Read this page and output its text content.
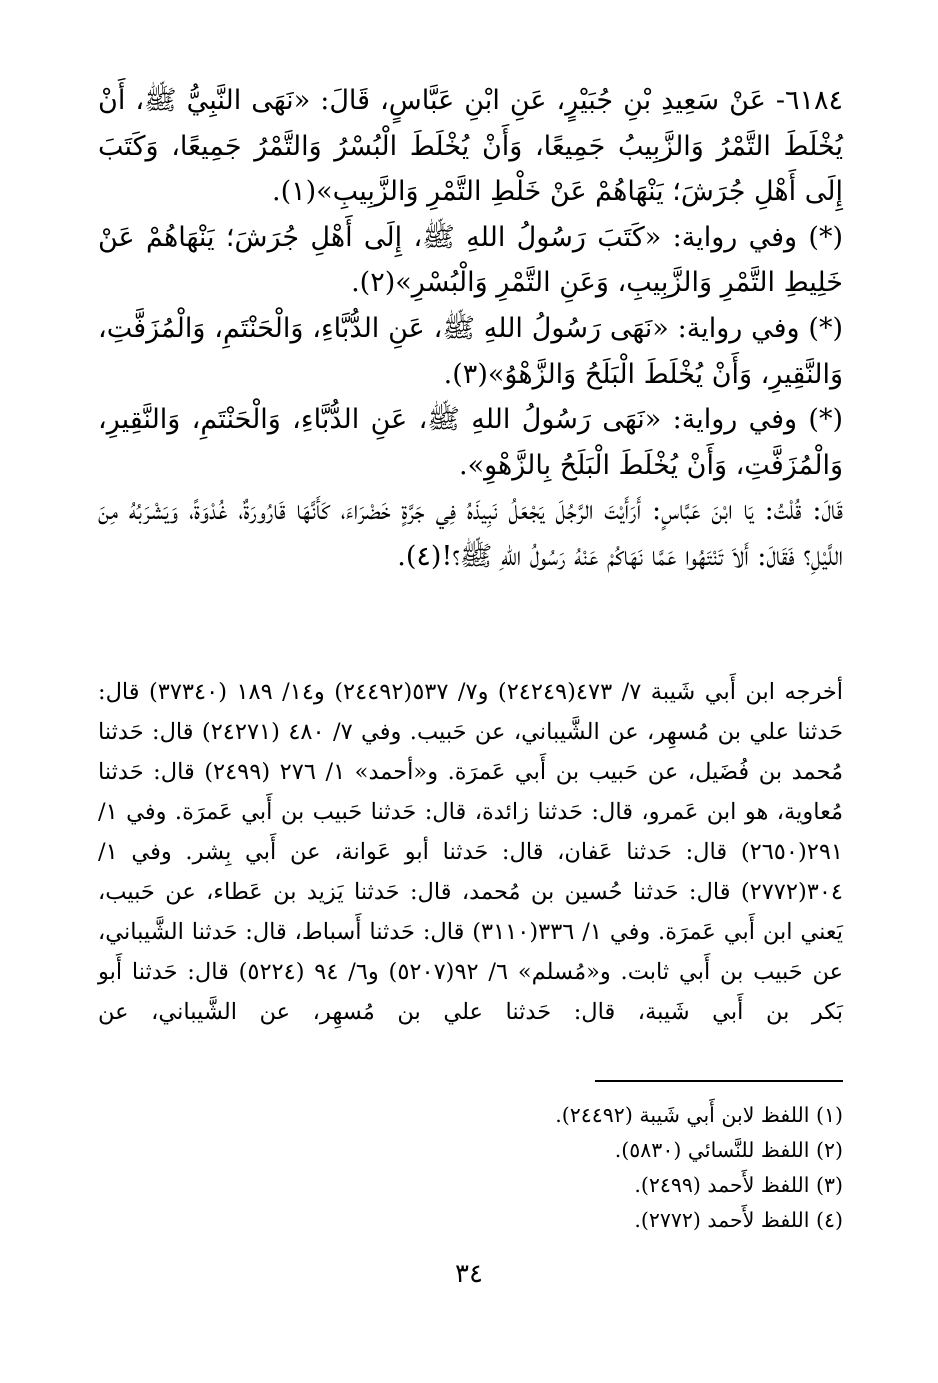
٦١٨٤- عَنْ سَعِيدِ بْنِ جُبَيْرٍ، عَنِ ابْنِ عَبَّاسٍ، قَالَ: «نَهَى النَّبِيُّ ﷺ، أَنْ يُخْلَطَ التَّمْرُ وَالزَّبِيبُ جَمِيعًا، وَأَنْ يُخْلَطَ الْبُسْرُ وَالتَّمْرُ جَمِيعًا، وَكَتَبَ إِلَى أَهْلِ جُرَشَ؛ يَنْهَاهُمْ عَنْ خَلْطِ التَّمْرِ وَالزَّبِيبِ»(١).

(*) وفي رواية: «كَتَبَ رَسُولُ اللهِ ﷺ، إِلَى أَهْلِ جُرَشَ؛ يَنْهَاهُمْ عَنْ خَلِيطِ التَّمْرِ وَالزَّبِيبِ، وَعَنِ التَّمْرِ وَالْبُسْرِ»(٢).

(*) وفي رواية: «نَهَى رَسُولُ اللهِ ﷺ، عَنِ الدُّبَّاءِ، وَالْحَنْتَمِ، وَالْمُزَفَّتِ، وَالنَّقِيرِ، وَأَنْ يُخْلَطَ الْبَلَحُ وَالزَّهْوُ»(٣).

(*) وفي رواية: «نَهَى رَسُولُ اللهِ ﷺ، عَنِ الدُّبَّاءِ، وَالْحَنْتَمِ، وَالنَّقِيرِ، وَالْمُزَفَّتِ، وَأَنْ يُخْلَطَ الْبَلَحُ بِالزَّهْوِ».

قَالَ: قُلْتُ: يَا ابْنَ عَبَّاسٍ: أَرَأَيْتَ الرَّجُلَ يَجْعَلُ نَبِيذَهُ فِي جَرَّةٍ خَضْرَاءَ، كَأَنَّهَا قَارُورَةٌ، غُدْوَةً، وَيَشْرَبُهُ مِنَ اللَّيْلِ؟ فَقَالَ: أَلاَ تَنْتَهُوا عَمَّا نَهَاكُمْ عَنْهُ رَسُولُ اللهِ ﷺ؟!(٤).

أخرجه ابن أَبي شَيبة ٧/ ٤٧٣(٢٤٢٤٩) و٧/ ٥٣٧(٢٤٤٩٢) و١٤/ ١٨٩ (٣٧٣٤٠) قال: حَدثنا علي بن مُسهِر، عن الشَّيباني، عن حَبيب. وفي ٧/ ٤٨٠ (٢٤٢٧١) قال: حَدثنا مُحمد بن فُضَيل، عن حَبيب بن أَبي عَمرَة. و«أحمد» ١/ ٢٧٦ (٢٤٩٩) قال: حَدثنا مُعاوية، هو ابن عَمرو، قال: حَدثنا زائدة، قال: حَدثنا حَبيب بن أَبي عَمرَة. وفي ١/ ٢٩١(٢٦٥٠) قال: حَدثنا عَفان، قال: حَدثنا أبو عَوانة، عن أَبي بِشر. وفي ١/ ٣٠٤(٢٧٧٢) قال: حَدثنا حُسين بن مُحمد، قال: حَدثنا يَزيد بن عَطاء، عن حَبيب، يَعني ابن أَبي عَمرَة. وفي ١/ ٣٣٦(٣١١٠) قال: حَدثنا أَسباط، قال: حَدثنا الشَّيباني، عن حَبيب بن أَبي ثابت. و«مُسلم» ٦/ ٩٢(٥٢٠٧) و٦/ ٩٤ (٥٢٢٤) قال: حَدثنا أَبو بَكر بن أَبي شَيبة، قال: حَدثنا علي بن مُسهِر، عن الشَّيباني، عن

(١) اللفظ لابن أَبي شَيبة (٢٤٤٩٢).
(٢) اللفظ للنَّسائي (٥٨٣٠).
(٣) اللفظ لأَحمد (٢٤٩٩).
(٤) اللفظ لأَحمد (٢٧٧٢).
٣٤
